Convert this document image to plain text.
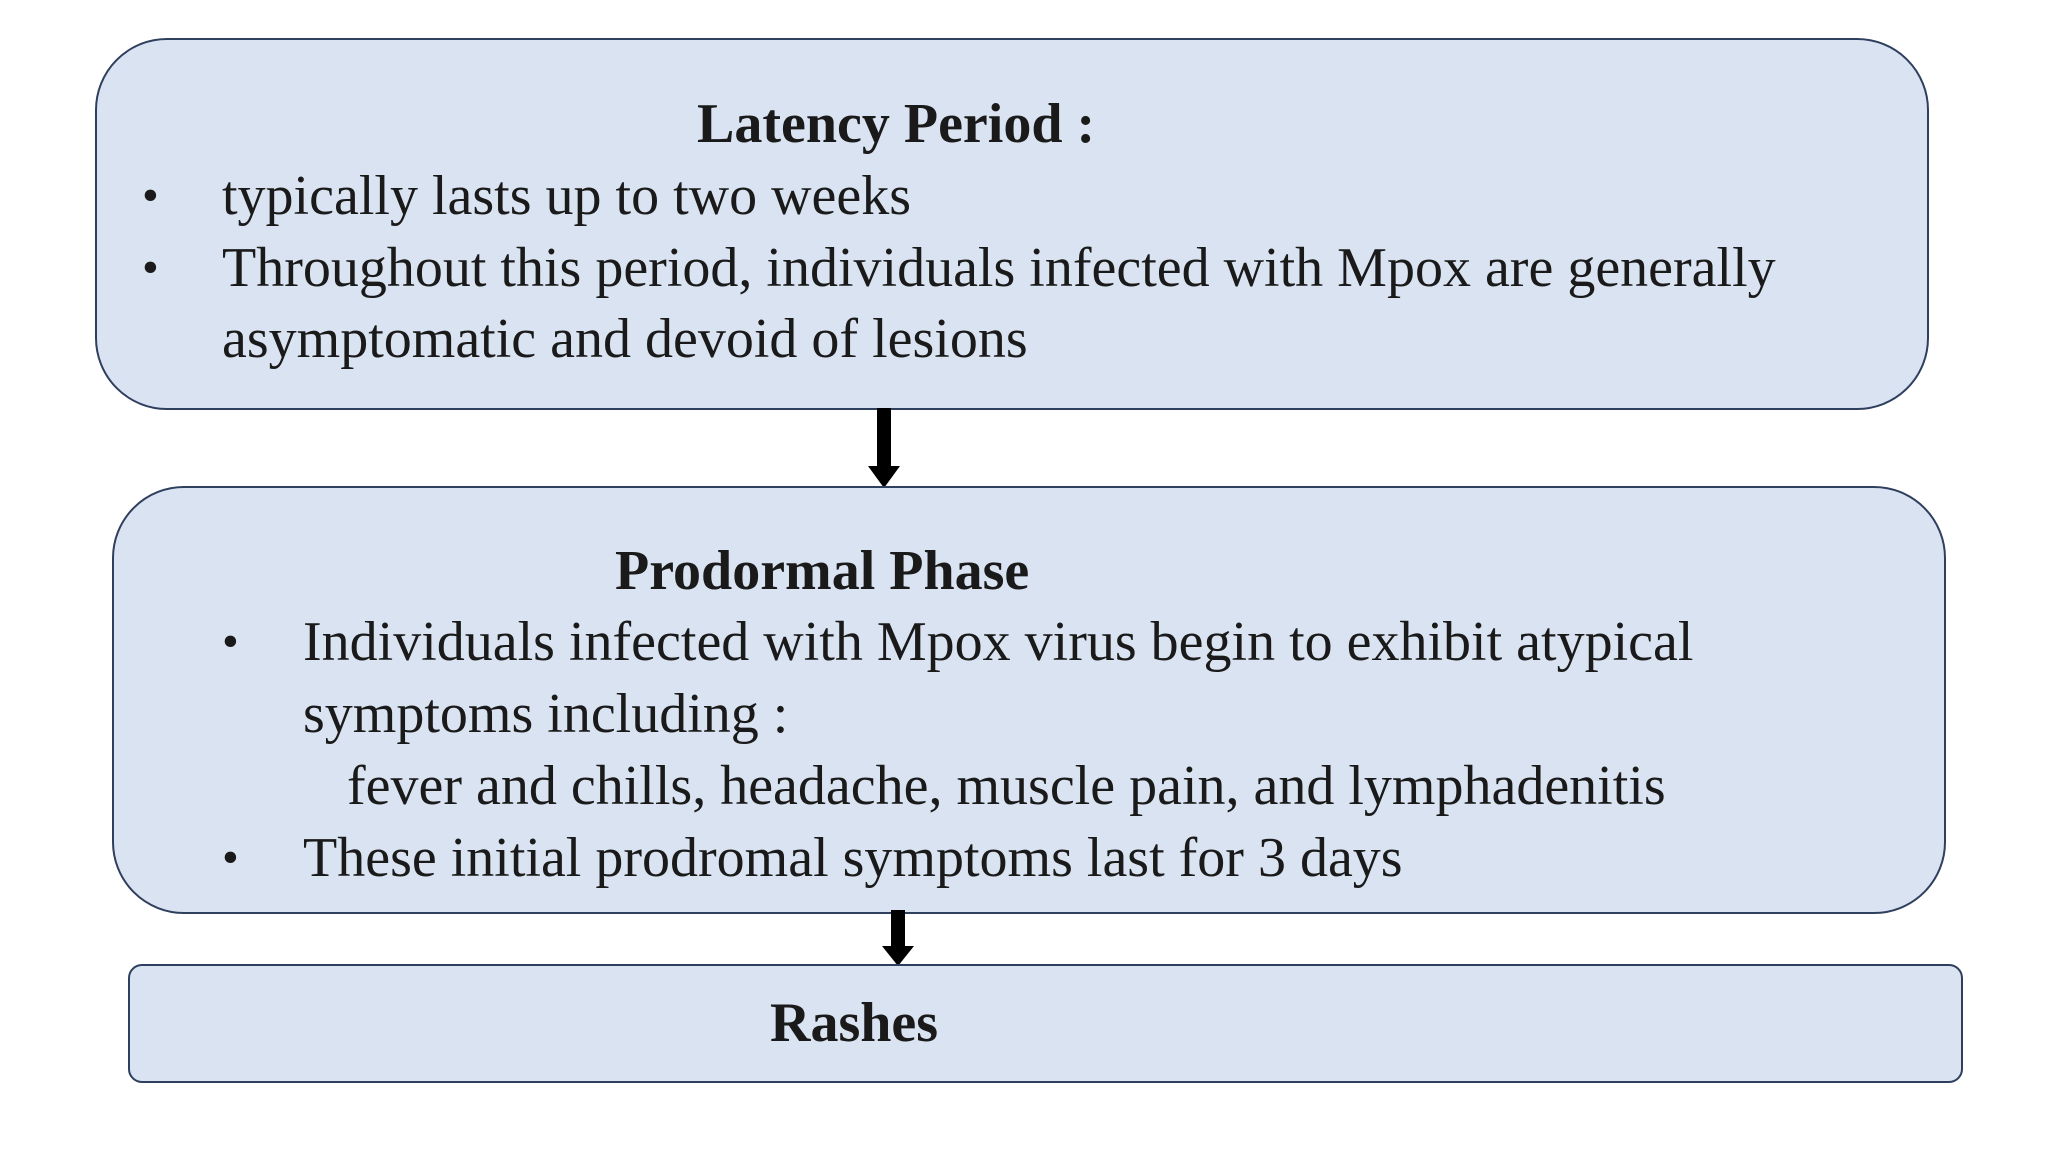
Latency Period :
• typically lasts up to two weeks
• Throughout this period, individuals infected with Mpox are generally
asymptomatic and devoid of lesions
Prodormal Phase
• Individuals infected with Mpox virus begin to exhibit atypical
symptoms including :
fever and chills, headache, muscle pain, and lymphadenitis
• These initial prodromal symptoms last for 3 days
Rashes
